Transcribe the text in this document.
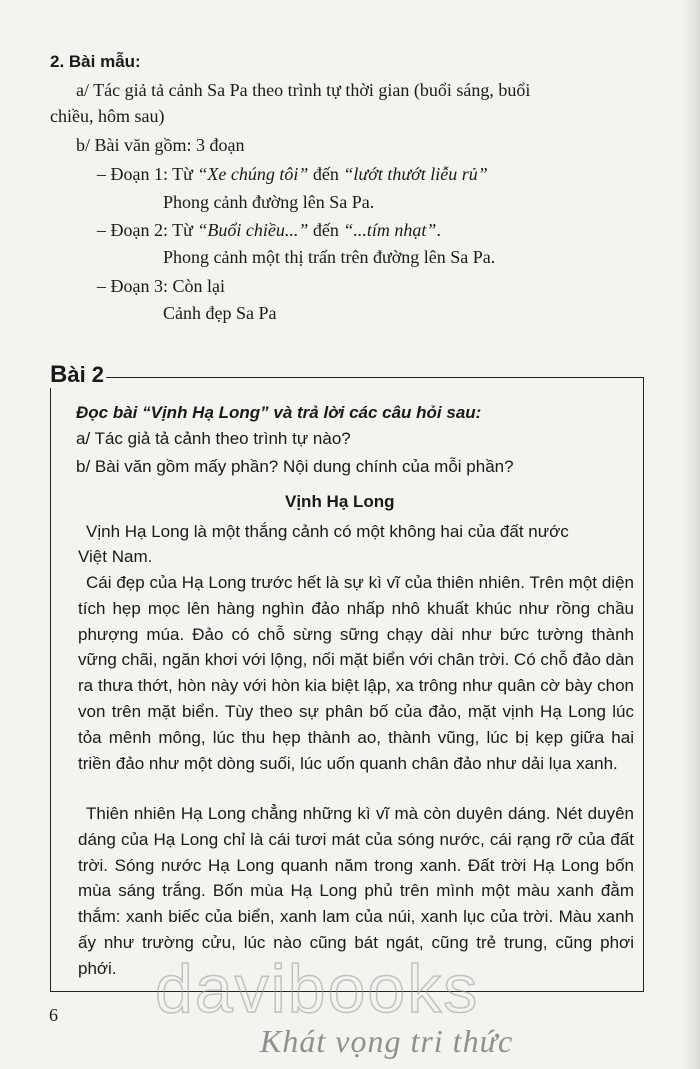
2. Bài mẫu:
a/ Tác giả tả cảnh Sa Pa theo trình tự thời gian (buổi sáng, buổi
chiều, hôm sau)
b/ Bài văn gồm: 3 đoạn
– Đoạn 1: Từ “Xe chúng tôi” đến “lướt thướt liễu rủ”
Phong cảnh đường lên Sa Pa.
– Đoạn 2: Từ “Buổi chiều...” đến “...tím nhạt”.
Phong cảnh một thị trấn trên đường lên Sa Pa.
– Đoạn 3: Còn lại
Cảnh đẹp Sa Pa
Bài 2
Đọc bài “Vịnh Hạ Long” và trả lời các câu hỏi sau:
a/ Tác giả tả cảnh theo trình tự nào?
b/ Bài văn gồm mấy phần? Nội dung chính của mỗi phần?
Vịnh Hạ Long
Vịnh Hạ Long là một thắng cảnh có một không hai của đất nước
Việt Nam.
Cái đẹp của Hạ Long trước hết là sự kì vĩ của thiên nhiên. Trên một diện tích hẹp mọc lên hàng nghìn đảo nhấp nhô khuất khúc như rồng chầu phượng múa. Đảo có chỗ sừng sững chạy dài như bức tường thành vững chãi, ngăn khơi với lộng, nối mặt biển với chân trời. Có chỗ đảo dàn ra thưa thớt, hòn này với hòn kia biệt lập, xa trông như quân cờ bày chon von trên mặt biển. Tùy theo sự phân bố của đảo, mặt vịnh Hạ Long lúc tỏa mênh mông, lúc thu hẹp thành ao, thành vũng, lúc bị kẹp giữa hai triền đảo như một dòng suối, lúc uốn quanh chân đảo như dải lụa xanh.
Thiên nhiên Hạ Long chẳng những kì vĩ mà còn duyên dáng. Nét duyên dáng của Hạ Long chỉ là cái tươi mát của sóng nước, cái rạng rỡ của đất trời. Sóng nước Hạ Long quanh năm trong xanh. Đất trời Hạ Long bốn mùa sáng trắng. Bốn mùa Hạ Long phủ trên mình một màu xanh đằm thắm: xanh biếc của biển, xanh lam của núi, xanh lục của trời. Màu xanh ấy như trường cửu, lúc nào cũng bát ngát, cũng trẻ trung, cũng phơi phới.
6 davibooks
Khát vọng tri thức
